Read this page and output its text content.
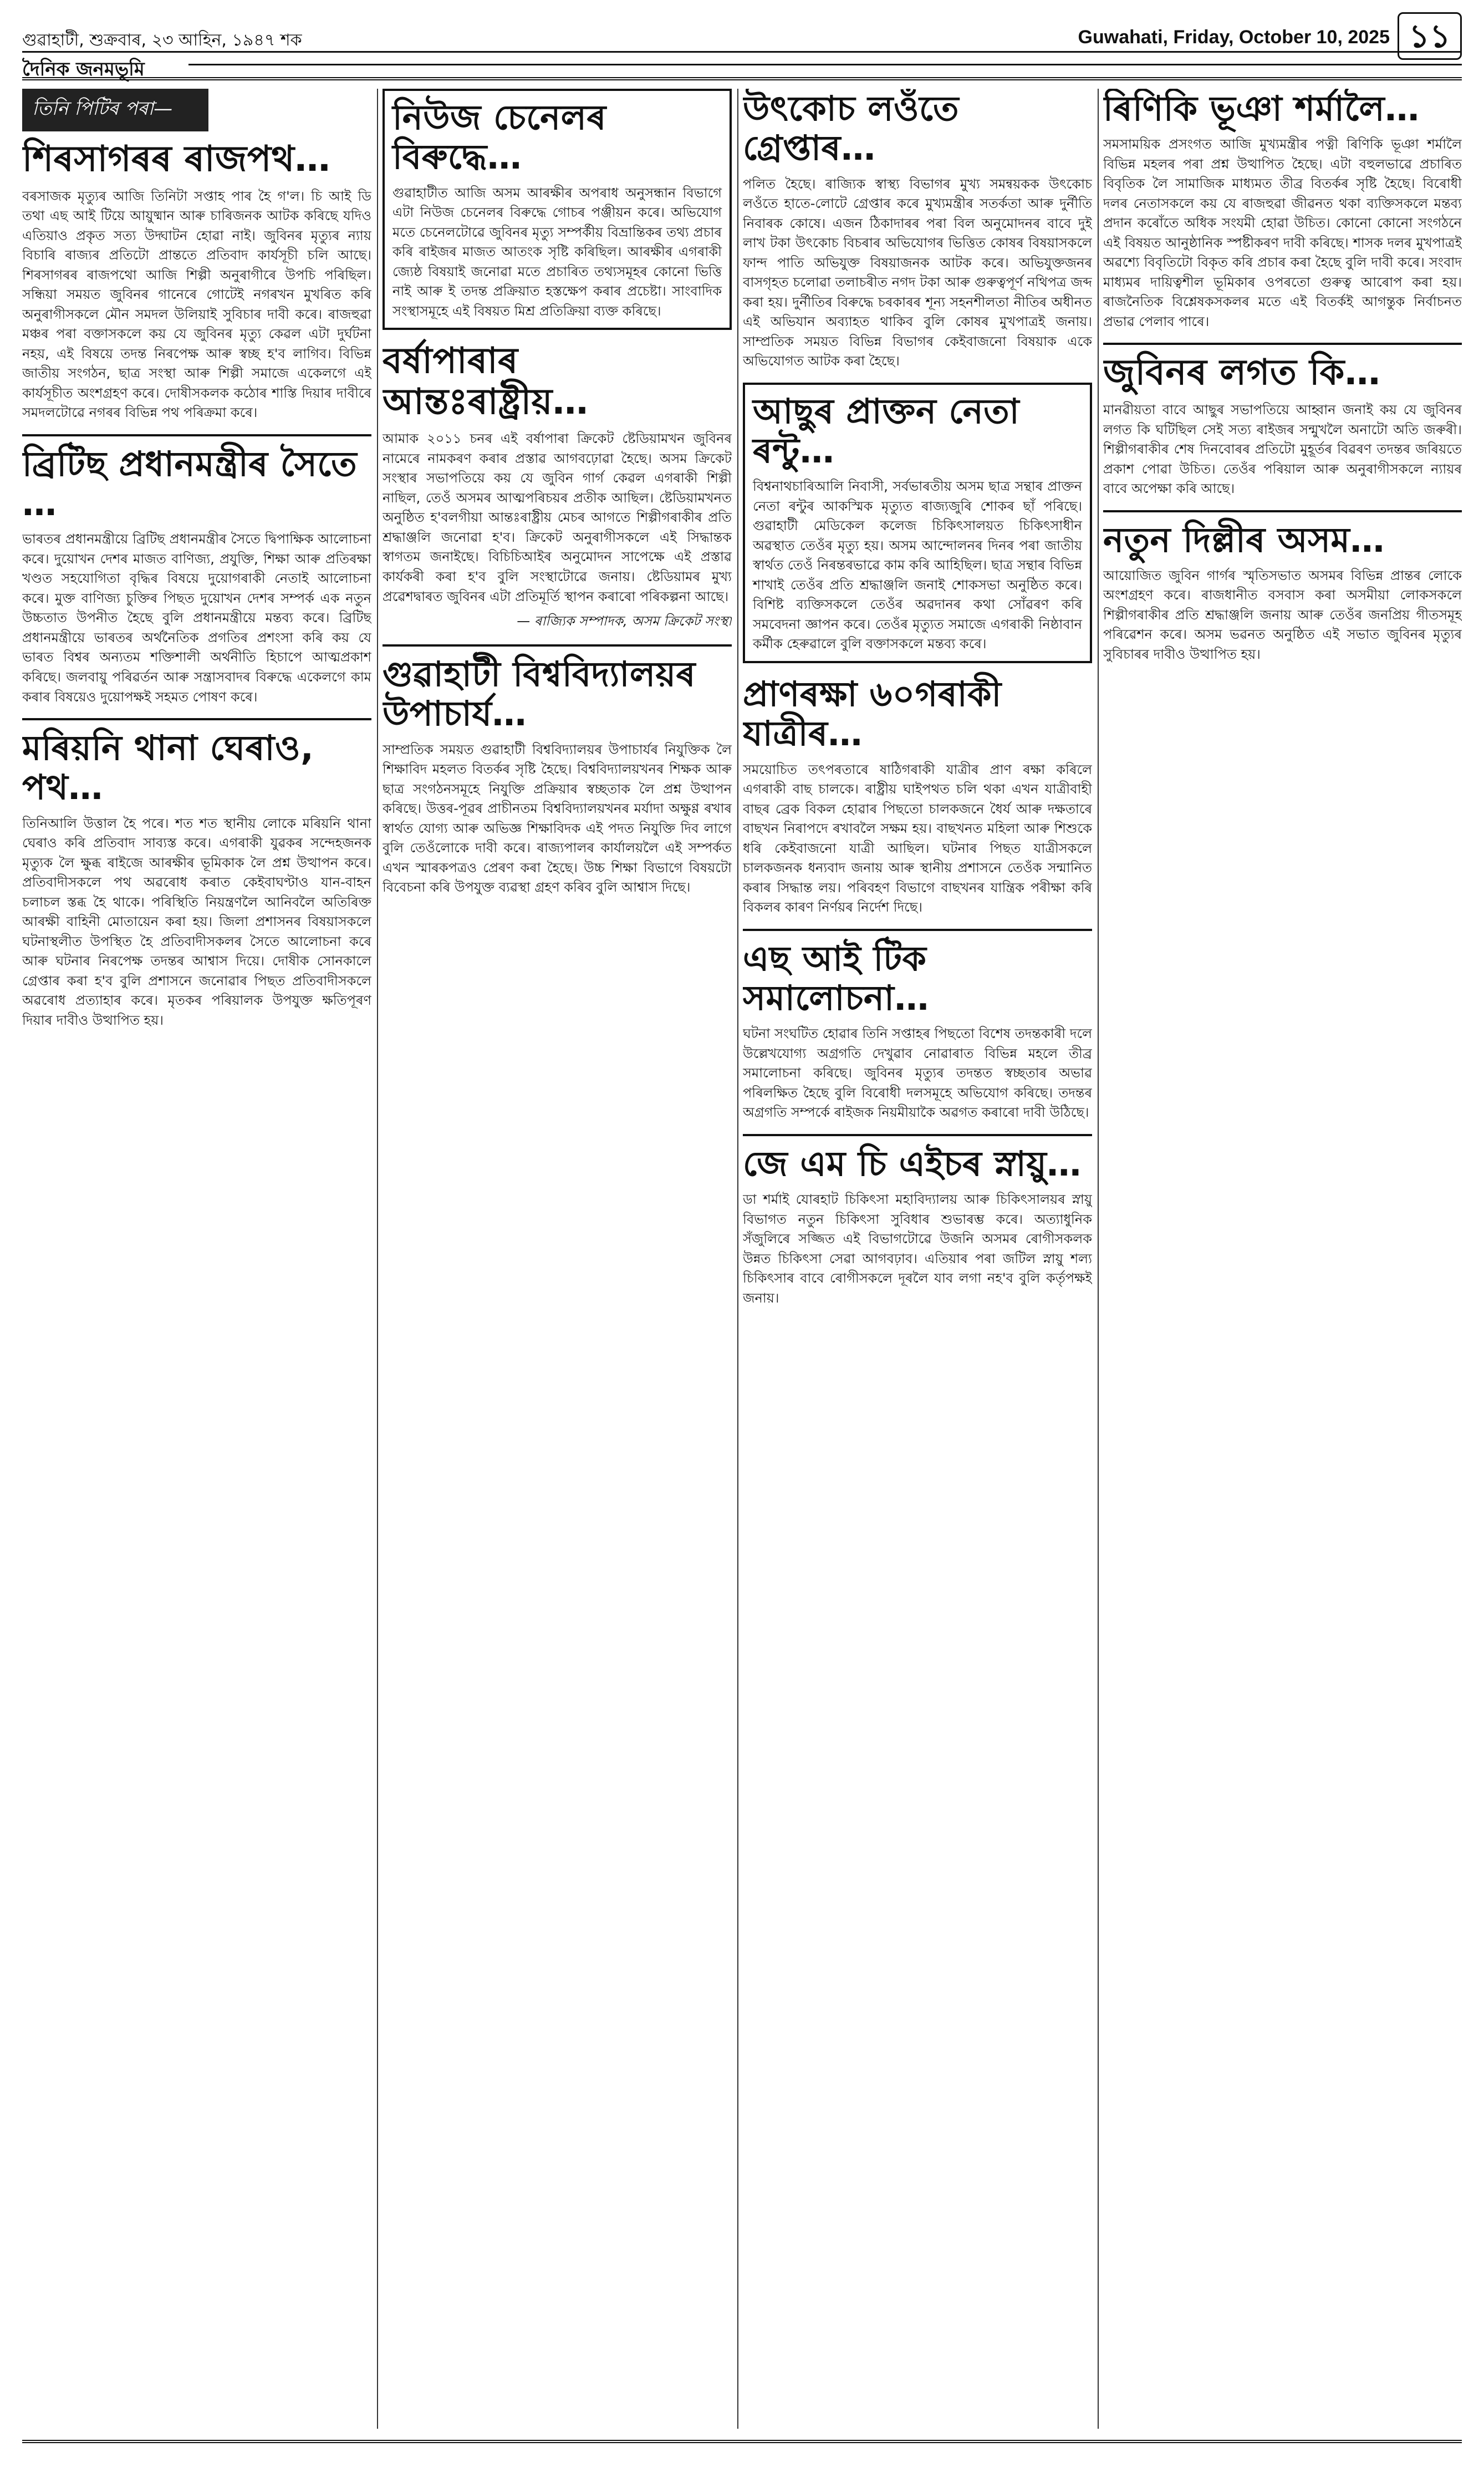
গুৱাহাটী, শুক্ৰবাৰ, ২৩ আহিন, ১৯৪৭ শক	Guwahati, Friday, October 10, 2025 ১১
দৈনিক জনমভূমি
তিনি পিটিৰ পৰা—
শিৰসাগৰৰ ৰাজপথ…

বৰসাজক মৃত্যুৰ আজি তিনিটা সপ্তাহ পাৰ হৈ গ'ল। চি আই ডি তথা এছ আই টিয়ে আয়ুষ্মান আৰু চাৰিজনক আটক কৰিছে যদিও এতিয়াও প্ৰকৃত সত্য উদ্ঘাটন হোৱা নাই। জুবিনৰ মৃত্যুৰ ন্যায় বিচাৰি ৰাজ্যৰ প্ৰতিটো প্ৰান্ততে প্ৰতিবাদ কাৰ্যসূচী চলি আছে। শিৰসাগৰৰ ৰাজপথো আজি শিল্পী অনুৰাগীৰে উপচি পৰিছিল। সন্ধিয়া সময়ত জুবিনৰ গানেৰে গোটেই নগৰখন মুখৰিত কৰি অনুৰাগীসকলে মৌন সমদল উলিয়াই সুবিচাৰ দাবী কৰে। ৰাজহুৱা মঞ্চৰ পৰা বক্তাসকলে কয় যে জুবিনৰ মৃত্যু কেৱল এটা দুৰ্ঘটনা নহয়, এই বিষয়ে তদন্ত নিৰপেক্ষ আৰু স্বচ্ছ হ'ব লাগিব। বিভিন্ন জাতীয় সংগঠন, ছাত্ৰ সংস্থা আৰু শিল্পী সমাজে একেলগে এই কাৰ্যসূচীত অংশগ্ৰহণ কৰে। দোষীসকলক কঠোৰ শাস্তি দিয়াৰ দাবীৰে সমদলটোৱে নগৰৰ বিভিন্ন পথ পৰিক্ৰমা কৰে।

ব্ৰিটিছ প্ৰধানমন্ত্ৰীৰ সৈতে …

ভাৰতৰ প্ৰধানমন্ত্ৰীয়ে ব্ৰিটিছ প্ৰধানমন্ত্ৰীৰ সৈতে দ্বিপাক্ষিক আলোচনা কৰে। দুয়োখন দেশৰ মাজত বাণিজ্য, প্ৰযুক্তি, শিক্ষা আৰু প্ৰতিৰক্ষা খণ্ডত সহযোগিতা বৃদ্ধিৰ বিষয়ে দুয়োগৰাকী নেতাই আলোচনা কৰে। মুক্ত বাণিজ্য চুক্তিৰ পিছত দুয়োখন দেশৰ সম্পৰ্ক এক নতুন উচ্চতাত উপনীত হৈছে বুলি প্ৰধানমন্ত্ৰীয়ে মন্তব্য কৰে। ব্ৰিটিছ প্ৰধানমন্ত্ৰীয়ে ভাৰতৰ অৰ্থনৈতিক প্ৰগতিৰ প্ৰশংসা কৰি কয় যে ভাৰত বিশ্বৰ অন্যতম শক্তিশালী অৰ্থনীতি হিচাপে আত্মপ্ৰকাশ কৰিছে। জলবায়ু পৰিৱৰ্তন আৰু সন্ত্ৰাসবাদৰ বিৰুদ্ধে একেলগে কাম কৰাৰ বিষয়েও দুয়োপক্ষই সহমত পোষণ কৰে।

মৰিয়নি থানা ঘেৰাও, পথ…

তিনিআলি উত্তাল হৈ পৰে। শত শত স্থানীয় লোকে মৰিয়নি থানা ঘেৰাও কৰি প্ৰতিবাদ সাব্যস্ত কৰে। এগৰাকী যুৱকৰ সন্দেহজনক মৃত্যুক লৈ ক্ষুব্ধ ৰাইজে আৰক্ষীৰ ভূমিকাক লৈ প্ৰশ্ন উত্থাপন কৰে। প্ৰতিবাদীসকলে পথ অৱৰোধ কৰাত কেইবাঘণ্টাও যান-বাহন চলাচল স্তব্ধ হৈ থাকে। পৰিস্থিতি নিয়ন্ত্ৰণলৈ আনিবলৈ অতিৰিক্ত আৰক্ষী বাহিনী মোতায়েন কৰা হয়। জিলা প্ৰশাসনৰ বিষয়াসকলে ঘটনাস্থলীত উপস্থিত হৈ প্ৰতিবাদীসকলৰ সৈতে আলোচনা কৰে আৰু ঘটনাৰ নিৰপেক্ষ তদন্তৰ আশ্বাস দিয়ে। দোষীক সোনকালে গ্ৰেপ্তাৰ কৰা হ'ব বুলি প্ৰশাসনে জনোৱাৰ পিছত প্ৰতিবাদীসকলে অৱৰোধ প্ৰত্যাহাৰ কৰে। মৃতকৰ পৰিয়ালক উপযুক্ত ক্ষতিপূৰণ দিয়াৰ দাবীও উত্থাপিত হয়।

নিউজ চেনেলৰ বিৰুদ্ধে…

গুৱাহাটীত আজি অসম আৰক্ষীৰ অপৰাধ অনুসন্ধান বিভাগে এটা নিউজ চেনেলৰ বিৰুদ্ধে গোচৰ পঞ্জীয়ন কৰে। অভিযোগ মতে চেনেলটোৱে জুবিনৰ মৃত্যু সম্পৰ্কীয় বিভ্ৰান্তিকৰ তথ্য প্ৰচাৰ কৰি ৰাইজৰ মাজত আতংক সৃষ্টি কৰিছিল। আৰক্ষীৰ এগৰাকী জ্যেষ্ঠ বিষয়াই জনোৱা মতে প্ৰচাৰিত তথ্যসমূহৰ কোনো ভিত্তি নাই আৰু ই তদন্ত প্ৰক্ৰিয়াত হস্তক্ষেপ কৰাৰ প্ৰচেষ্টা। সাংবাদিক সংস্থাসমূহে এই বিষয়ত মিশ্ৰ প্ৰতিক্ৰিয়া ব্যক্ত কৰিছে।

বৰ্ষাপাৰাৰ আন্তঃৰাষ্ট্ৰীয়…

আমাক ২০১১ চনৰ এই বৰ্ষাপাৰা ক্ৰিকেট ষ্টেডিয়ামখন জুবিনৰ নামেৰে নামকৰণ কৰাৰ প্ৰস্তাৱ আগবঢ়োৱা হৈছে। অসম ক্ৰিকেট সংস্থাৰ সভাপতিয়ে কয় যে জুবিন গাৰ্গ কেৱল এগৰাকী শিল্পী নাছিল, তেওঁ অসমৰ আত্মপৰিচয়ৰ প্ৰতীক আছিল। ষ্টেডিয়ামখনত অনুষ্ঠিত হ'বলগীয়া আন্তঃৰাষ্ট্ৰীয় মেচৰ আগতে শিল্পীগৰাকীৰ প্ৰতি শ্ৰদ্ধাঞ্জলি জনোৱা হ'ব। ক্ৰিকেট অনুৰাগীসকলে এই সিদ্ধান্তক স্বাগতম জনাইছে। বিচিচিআইৰ অনুমোদন সাপেক্ষে এই প্ৰস্তাৱ কাৰ্যকৰী কৰা হ'ব বুলি সংস্থাটোৱে জনায়। ষ্টেডিয়ামৰ মুখ্য প্ৰৱেশদ্বাৰত জুবিনৰ এটা প্ৰতিমূৰ্তি স্থাপন কৰাৰো পৰিকল্পনা আছে।

— ৰাজ্যিক সম্পাদক, অসম ক্ৰিকেট সংস্থা
গুৱাহাটী বিশ্ববিদ্যালয়ৰ উপাচাৰ্য…

সাম্প্ৰতিক সময়ত গুৱাহাটী বিশ্ববিদ্যালয়ৰ উপাচাৰ্যৰ নিযুক্তিক লৈ শিক্ষাবিদ মহলত বিতৰ্কৰ সৃষ্টি হৈছে। বিশ্ববিদ্যালয়খনৰ শিক্ষক আৰু ছাত্ৰ সংগঠনসমূহে নিযুক্তি প্ৰক্ৰিয়াৰ স্বচ্ছতাক লৈ প্ৰশ্ন উত্থাপন কৰিছে। উত্তৰ-পূৱৰ প্ৰাচীনতম বিশ্ববিদ্যালয়খনৰ মৰ্যাদা অক্ষুণ্ণ ৰখাৰ স্বাৰ্থত যোগ্য আৰু অভিজ্ঞ শিক্ষাবিদক এই পদত নিযুক্তি দিব লাগে বুলি তেওঁলোকে দাবী কৰে। ৰাজ্যপালৰ কাৰ্যালয়লৈ এই সম্পৰ্কত এখন স্মাৰকপত্ৰও প্ৰেৰণ কৰা হৈছে। উচ্চ শিক্ষা বিভাগে বিষয়টো বিবেচনা কৰি উপযুক্ত ব্যৱস্থা গ্ৰহণ কৰিব বুলি আশ্বাস দিছে।

উৎকোচ লওঁতে গ্ৰেপ্তাৰ…

পলিত হৈছে। ৰাজ্যিক স্বাস্থ্য বিভাগৰ মুখ্য সমন্বয়কক উৎকোচ লওঁতে হাতে-লোটে গ্ৰেপ্তাৰ কৰে মুখ্যমন্ত্ৰীৰ সতৰ্কতা আৰু দুৰ্নীতি নিবাৰক কোষে। এজন ঠিকাদাৰৰ পৰা বিল অনুমোদনৰ বাবে দুই লাখ টকা উৎকোচ বিচৰাৰ অভিযোগৰ ভিত্তিত কোষৰ বিষয়াসকলে ফান্দ পাতি অভিযুক্ত বিষয়াজনক আটক কৰে। অভিযুক্তজনৰ বাসগৃহত চলোৱা তলাচৰীত নগদ টকা আৰু গুৰুত্বপূৰ্ণ নথিপত্ৰ জব্দ কৰা হয়। দুৰ্নীতিৰ বিৰুদ্ধে চৰকাৰৰ শূন্য সহনশীলতা নীতিৰ অধীনত এই অভিযান অব্যাহত থাকিব বুলি কোষৰ মুখপাত্ৰই জনায়। সাম্প্ৰতিক সময়ত বিভিন্ন বিভাগৰ কেইবাজনো বিষয়াক একে অভিযোগত আটক কৰা হৈছে।

আছুৰ প্ৰাক্তন নেতা ৰন্টু…

বিশ্বনাথচাৰিআলি নিবাসী, সৰ্বভাৰতীয় অসম ছাত্ৰ সন্থাৰ প্ৰাক্তন নেতা ৰন্টুৰ আকস্মিক মৃত্যুত ৰাজ্যজুৰি শোকৰ ছাঁ পৰিছে। গুৱাহাটী মেডিকেল কলেজ চিকিৎসালয়ত চিকিৎসাধীন অৱস্থাত তেওঁৰ মৃত্যু হয়। অসম আন্দোলনৰ দিনৰ পৰা জাতীয় স্বাৰ্থত তেওঁ নিৰন্তৰভাৱে কাম কৰি আহিছিল। ছাত্ৰ সন্থাৰ বিভিন্ন শাখাই তেওঁৰ প্ৰতি শ্ৰদ্ধাঞ্জলি জনাই শোকসভা অনুষ্ঠিত কৰে। বিশিষ্ট ব্যক্তিসকলে তেওঁৰ অৱদানৰ কথা সোঁৱৰণ কৰি সমবেদনা জ্ঞাপন কৰে। তেওঁৰ মৃত্যুত সমাজে এগৰাকী নিষ্ঠাবান কৰ্মীক হেৰুৱালে বুলি বক্তাসকলে মন্তব্য কৰে।

প্ৰাণৰক্ষা ৬০গৰাকী যাত্ৰীৰ…

সময়োচিত তৎপৰতাৰে ষাঠিগৰাকী যাত্ৰীৰ প্ৰাণ ৰক্ষা কৰিলে এগৰাকী বাছ চালকে। ৰাষ্ট্ৰীয় ঘাইপথত চলি থকা এখন যাত্ৰীবাহী বাছৰ ব্ৰেক বিকল হোৱাৰ পিছতো চালকজনে ধৈৰ্য আৰু দক্ষতাৰে বাছখন নিৰাপদে ৰখাবলৈ সক্ষম হয়। বাছখনত মহিলা আৰু শিশুকে ধৰি কেইবাজনো যাত্ৰী আছিল। ঘটনাৰ পিছত যাত্ৰীসকলে চালকজনক ধন্যবাদ জনায় আৰু স্থানীয় প্ৰশাসনে তেওঁক সন্মানিত কৰাৰ সিদ্ধান্ত লয়। পৰিবহণ বিভাগে বাছখনৰ যান্ত্ৰিক পৰীক্ষা কৰি বিকলৰ কাৰণ নিৰ্ণয়ৰ নিৰ্দেশ দিছে।

এছ আই টিক সমালোচনা…

ঘটনা সংঘটিত হোৱাৰ তিনি সপ্তাহৰ পিছতো বিশেষ তদন্তকাৰী দলে উল্লেখযোগ্য অগ্ৰগতি দেখুৱাব নোৱাৰাত বিভিন্ন মহলে তীব্ৰ সমালোচনা কৰিছে। জুবিনৰ মৃত্যুৰ তদন্তত স্বচ্ছতাৰ অভাৱ পৰিলক্ষিত হৈছে বুলি বিৰোধী দলসমূহে অভিযোগ কৰিছে। তদন্তৰ অগ্ৰগতি সম্পৰ্কে ৰাইজক নিয়মীয়াকৈ অৱগত কৰাৰো দাবী উঠিছে।

জে এম চি এইচৰ স্নায়ু…

ডা শৰ্মাই যোৰহাট চিকিৎসা মহাবিদ্যালয় আৰু চিকিৎসালয়ৰ স্নায়ু বিভাগত নতুন চিকিৎসা সুবিধাৰ শুভাৰম্ভ কৰে। অত্যাধুনিক সঁজুলিৰে সজ্জিত এই বিভাগটোৱে উজনি অসমৰ ৰোগীসকলক উন্নত চিকিৎসা সেৱা আগবঢ়াব। এতিয়াৰ পৰা জটিল স্নায়ু শল্য চিকিৎসাৰ বাবে ৰোগীসকলে দূৰলৈ যাব লগা নহ'ব বুলি কৰ্তৃপক্ষই জনায়।

ৰিণিকি ভূঞা শৰ্মালৈ…

সমসাময়িক প্ৰসংগত আজি মুখ্যমন্ত্ৰীৰ পত্নী ৰিণিকি ভূঞা শৰ্মালৈ বিভিন্ন মহলৰ পৰা প্ৰশ্ন উত্থাপিত হৈছে। এটা বহুলভাৱে প্ৰচাৰিত বিবৃতিক লৈ সামাজিক মাধ্যমত তীব্ৰ বিতৰ্কৰ সৃষ্টি হৈছে। বিৰোধী দলৰ নেতাসকলে কয় যে ৰাজহুৱা জীৱনত থকা ব্যক্তিসকলে মন্তব্য প্ৰদান কৰোঁতে অধিক সংযমী হোৱা উচিত। কোনো কোনো সংগঠনে এই বিষয়ত আনুষ্ঠানিক স্পষ্টীকৰণ দাবী কৰিছে। শাসক দলৰ মুখপাত্ৰই অৱশ্যে বিবৃতিটো বিকৃত কৰি প্ৰচাৰ কৰা হৈছে বুলি দাবী কৰে। সংবাদ মাধ্যমৰ দায়িত্বশীল ভূমিকাৰ ওপৰতো গুৰুত্ব আৰোপ কৰা হয়। ৰাজনৈতিক বিশ্লেষকসকলৰ মতে এই বিতৰ্কই আগন্তুক নিৰ্বাচনত প্ৰভাৱ পেলাব পাৰে।

জুবিনৰ লগত কি…

মানৱীয়তা বাবে আছুৰ সভাপতিয়ে আহ্বান জনাই কয় যে জুবিনৰ লগত কি ঘটিছিল সেই সত্য ৰাইজৰ সন্মুখলৈ অনাটো অতি জৰুৰী। শিল্পীগৰাকীৰ শেষ দিনবোৰৰ প্ৰতিটো মুহূৰ্তৰ বিৱৰণ তদন্তৰ জৰিয়তে প্ৰকাশ পোৱা উচিত। তেওঁৰ পৰিয়াল আৰু অনুৰাগীসকলে ন্যায়ৰ বাবে অপেক্ষা কৰি আছে।

নতুন দিল্লীৰ অসম…

আয়োজিত জুবিন গাৰ্গৰ স্মৃতিসভাত অসমৰ বিভিন্ন প্ৰান্তৰ লোকে অংশগ্ৰহণ কৰে। ৰাজধানীত বসবাস কৰা অসমীয়া লোকসকলে শিল্পীগৰাকীৰ প্ৰতি শ্ৰদ্ধাঞ্জলি জনায় আৰু তেওঁৰ জনপ্ৰিয় গীতসমূহ পৰিৱেশন কৰে। অসম ভৱনত অনুষ্ঠিত এই সভাত জুবিনৰ মৃত্যুৰ সুবিচাৰৰ দাবীও উত্থাপিত হয়।
